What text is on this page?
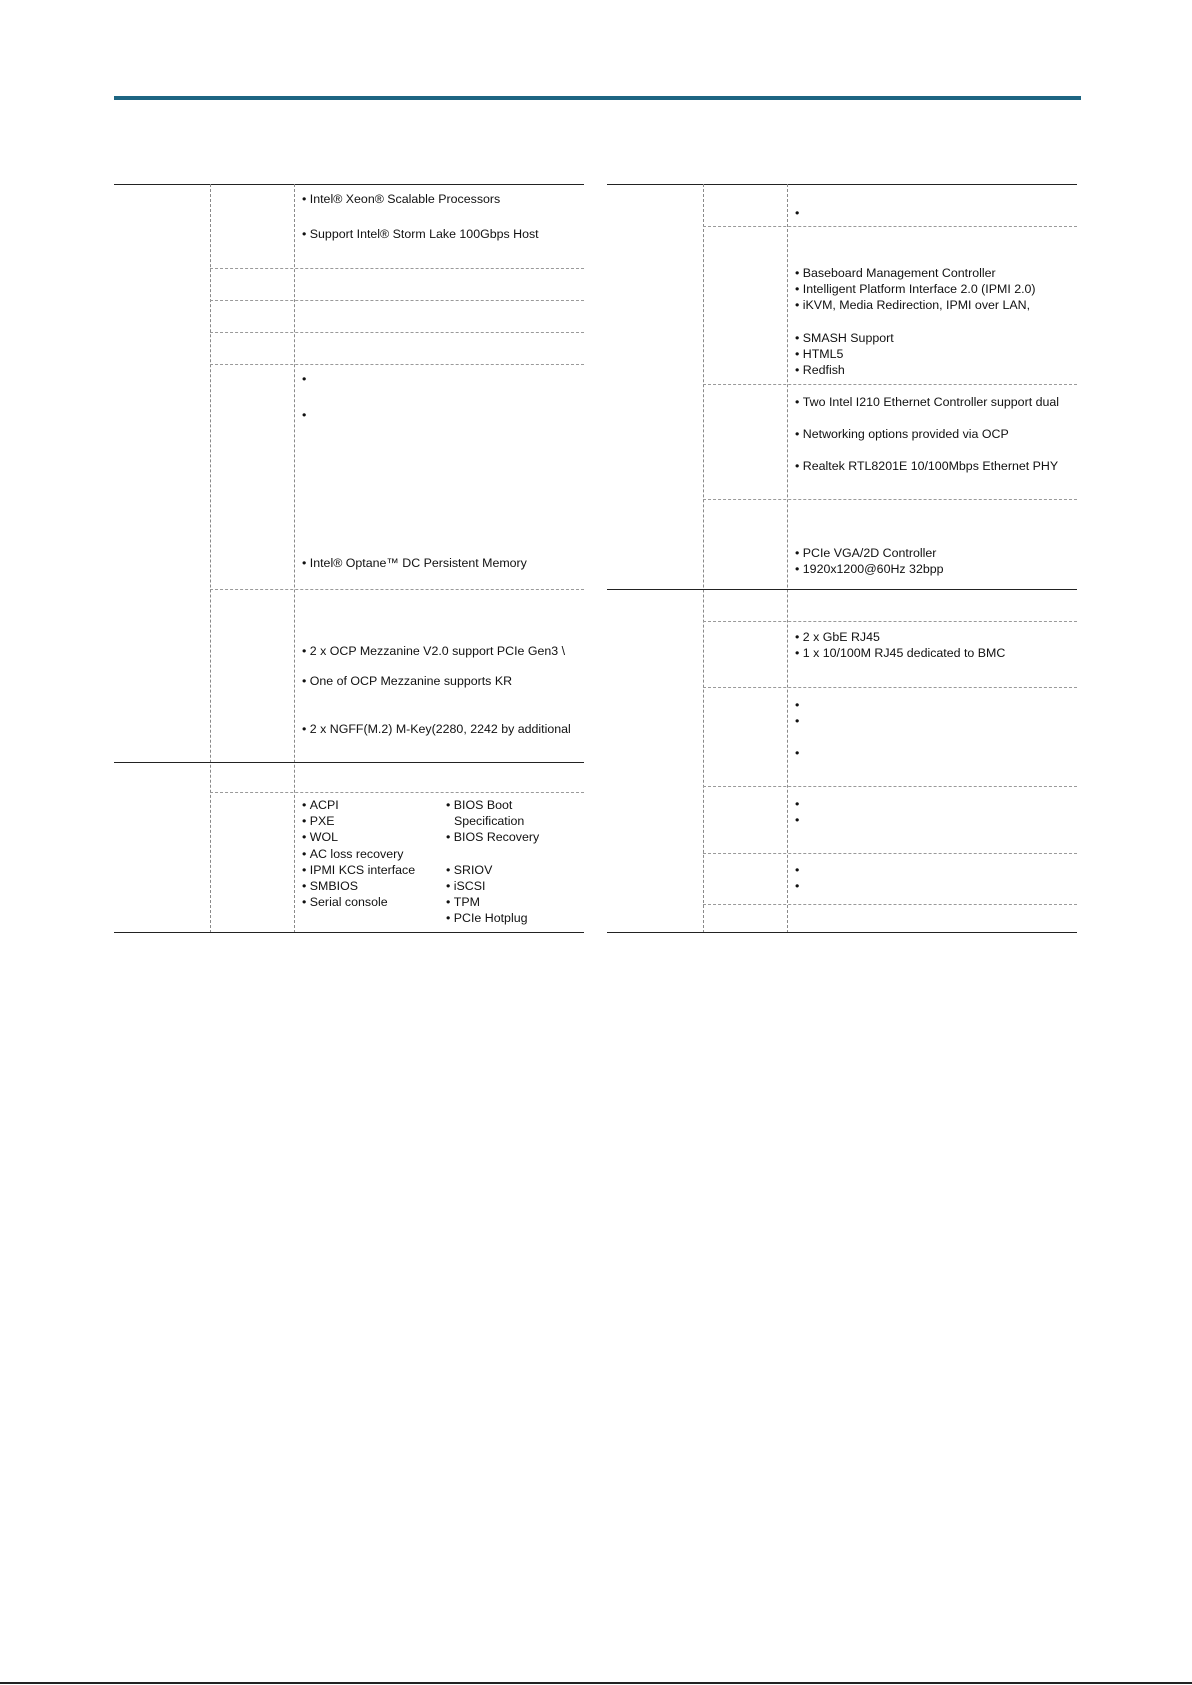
• Intel® Xeon® Scalable Processors
• Support Intel® Storm Lake 100Gbps Host
•
•
• Intel® Optane™ DC Persistent Memory
• 2 x OCP Mezzanine V2.0 support PCIe Gen3 \
• One of OCP Mezzanine supports KR
• 2 x NGFF(M.2) M-Key(2280, 2242 by additional
• ACPI
• PXE
• WOL
• AC loss recovery
• IPMI KCS interface
• SMBIOS
• Serial console
• BIOS Boot
Specification
• BIOS Recovery

• SRIOV
• iSCSI
• TPM
• PCIe Hotplug
•
• Baseboard Management Controller
• Intelligent Platform Interface 2.0 (IPMI 2.0)
• iKVM, Media Redirection, IPMI over LAN,

• SMASH Support
• HTML5
• Redfish
• Two Intel I210 Ethernet Controller support dual
• Networking options provided via OCP
• Realtek RTL8201E 10/100Mbps Ethernet PHY
• PCIe VGA/2D Controller
• 1920x1200@60Hz 32bpp
• 2 x GbE RJ45
• 1 x 10/100M RJ45 dedicated to BMC
•
•
•
•
•
•
•
